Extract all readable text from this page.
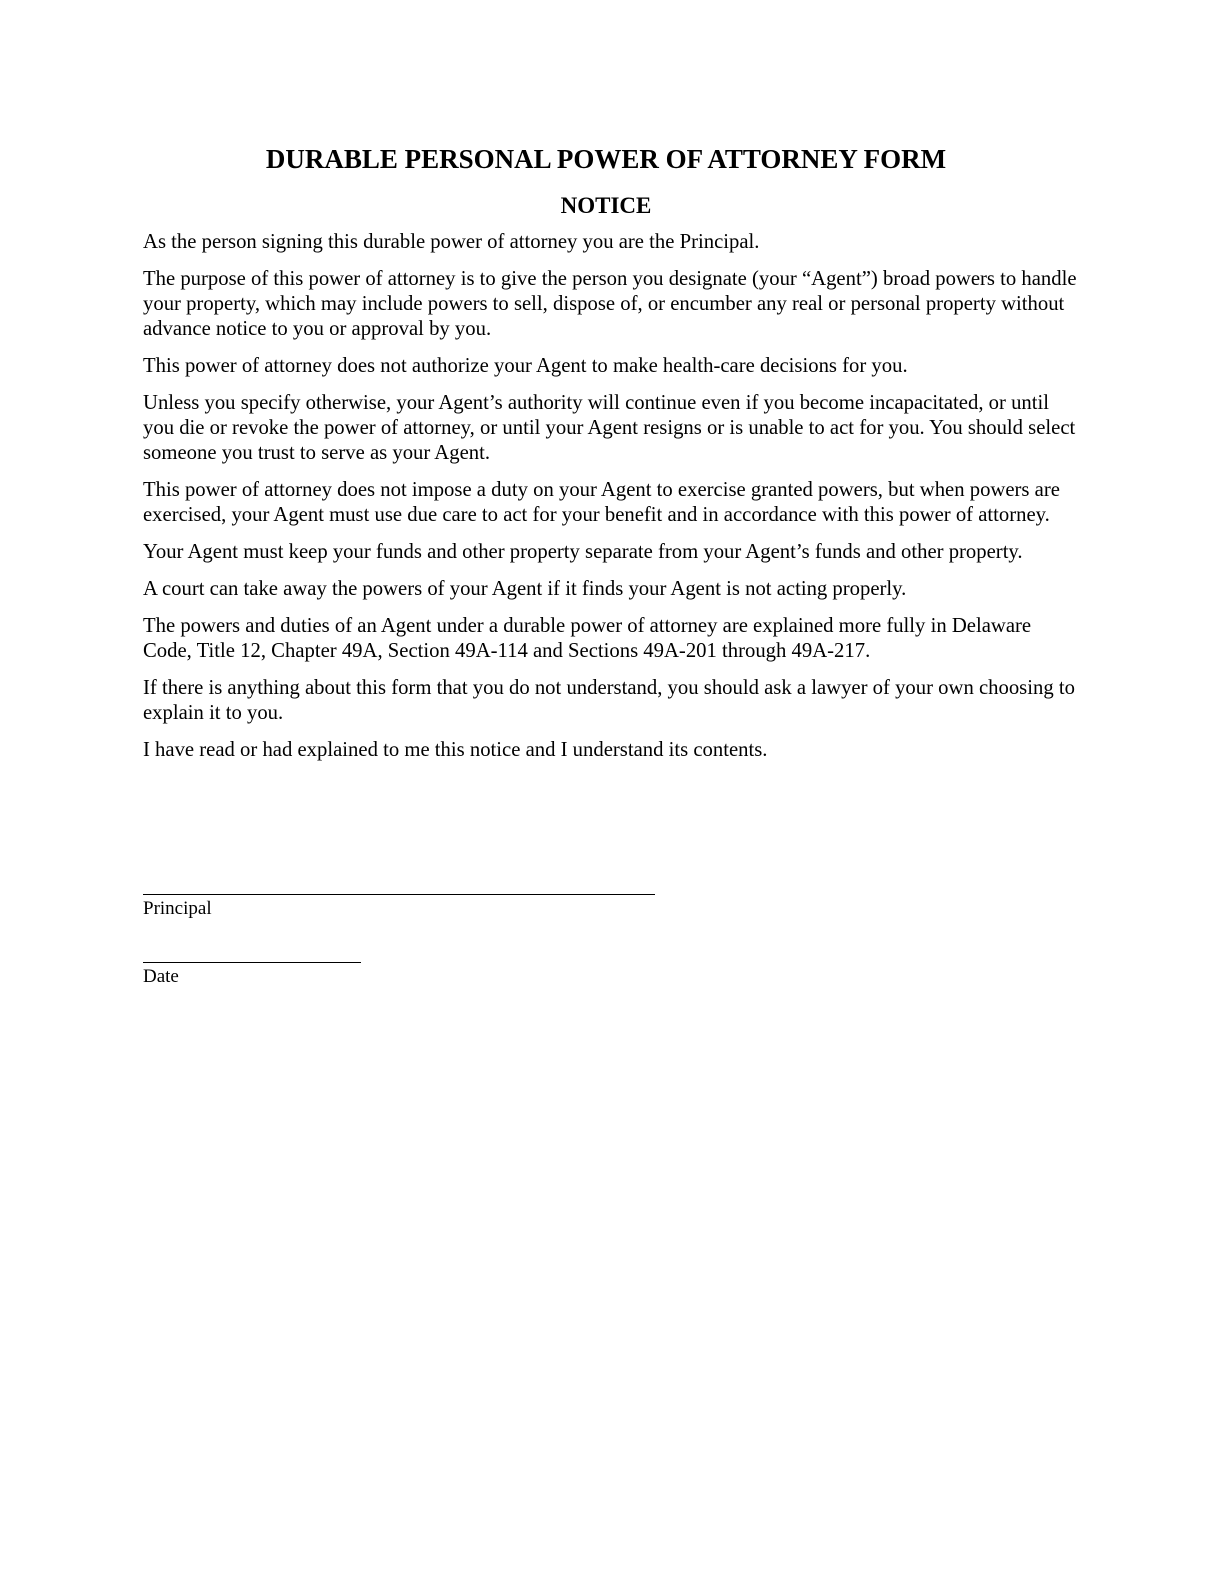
DURABLE PERSONAL POWER OF ATTORNEY FORM
NOTICE

As the person signing this durable power of attorney you are the Principal.

The purpose of this power of attorney is to give the person you designate (your “Agent”) broad powers to handle your property, which may include powers to sell, dispose of, or encumber any real or personal property without advance notice to you or approval by you.

This power of attorney does not authorize your Agent to make health-care decisions for you.

Unless you specify otherwise, your Agent’s authority will continue even if you become incapacitated, or until you die or revoke the power of attorney, or until your Agent resigns or is unable to act for you. You should select someone you trust to serve as your Agent.

This power of attorney does not impose a duty on your Agent to exercise granted powers, but when powers are exercised, your Agent must use due care to act for your benefit and in accordance with this power of attorney.

Your Agent must keep your funds and other property separate from your Agent’s funds and other property.

A court can take away the powers of your Agent if it finds your Agent is not acting properly.

The powers and duties of an Agent under a durable power of attorney are explained more fully in Delaware Code, Title 12, Chapter 49A, Section 49A-114 and Sections 49A-201 through 49A-217.

If there is anything about this form that you do not understand, you should ask a lawyer of your own choosing to explain it to you.

I have read or had explained to me this notice and I understand its contents.

Principal
Date
